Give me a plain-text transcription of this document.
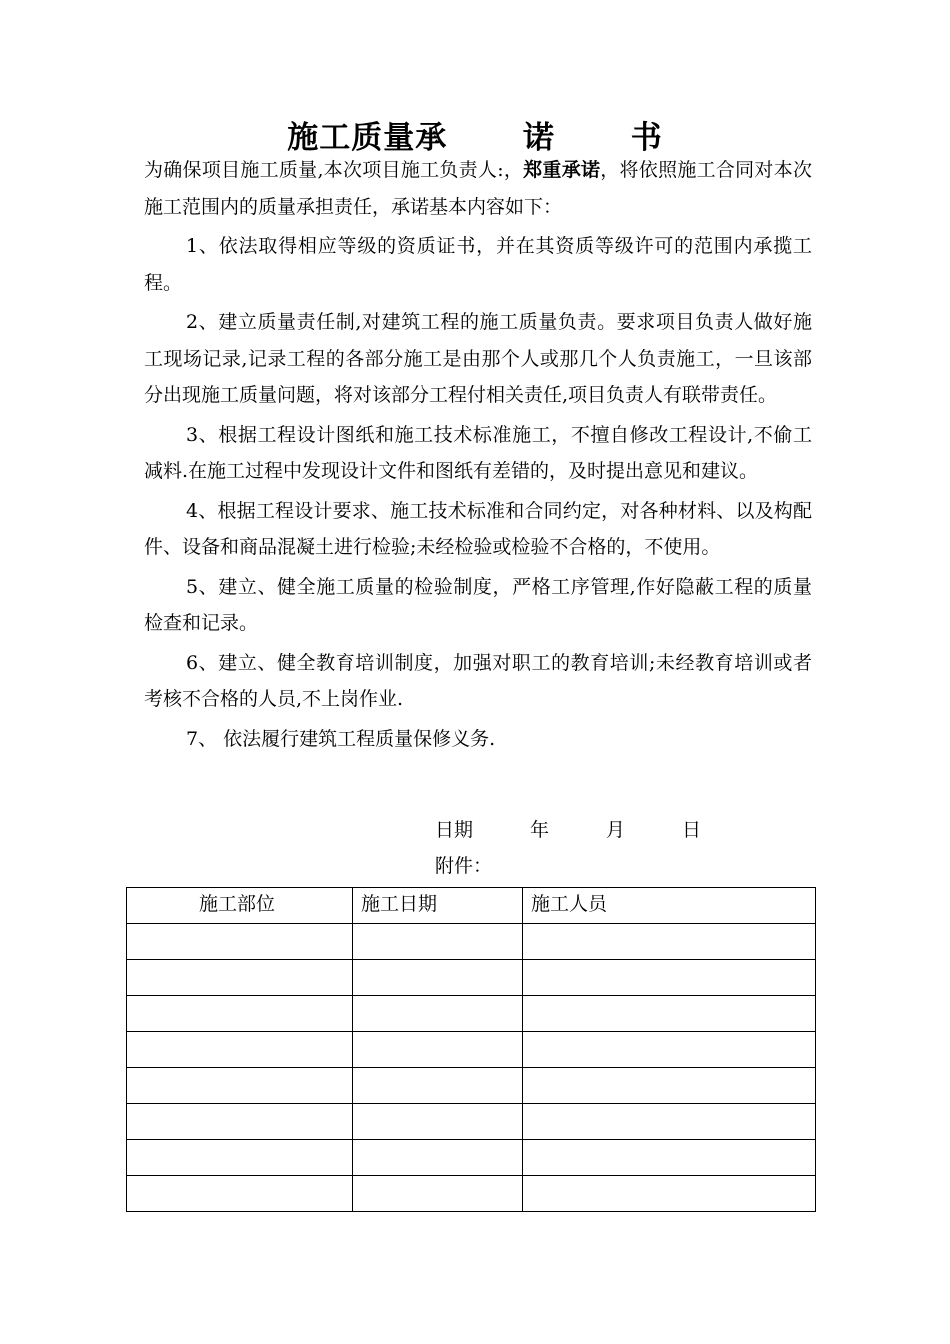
施工质量承　　 诺　　 书

为确保项目施工质量,本次项目施工负责人:，郑重承诺，将依照施工合同对本次施工范围内的质量承担责任，承诺基本内容如下：

1、依法取得相应等级的资质证书，并在其资质等级许可的范围内承揽工程。

2、建立质量责任制,对建筑工程的施工质量负责。要求项目负责人做好施工现场记录,记录工程的各部分施工是由那个人或那几个人负责施工，一旦该部分出现施工质量问题，将对该部分工程付相关责任,项目负责人有联带责任。

3、根据工程设计图纸和施工技术标准施工，不擅自修改工程设计,不偷工减料.在施工过程中发现设计文件和图纸有差错的，及时提出意见和建议。

4、根据工程设计要求、施工技术标准和合同约定，对各种材料、以及构配件、设备和商品混凝土进行检验;未经检验或检验不合格的，不使用。

5、建立、健全施工质量的检验制度，严格工序管理,作好隐蔽工程的质量检查和记录。

6、建立、健全教育培训制度，加强对职工的教育培训;未经教育培训或者考核不合格的人员,不上岗作业.

7、 依法履行建筑工程质量保修义务.

日期　　　年　　　月　　　日
附件：
施工部位	施工日期	施工人员
